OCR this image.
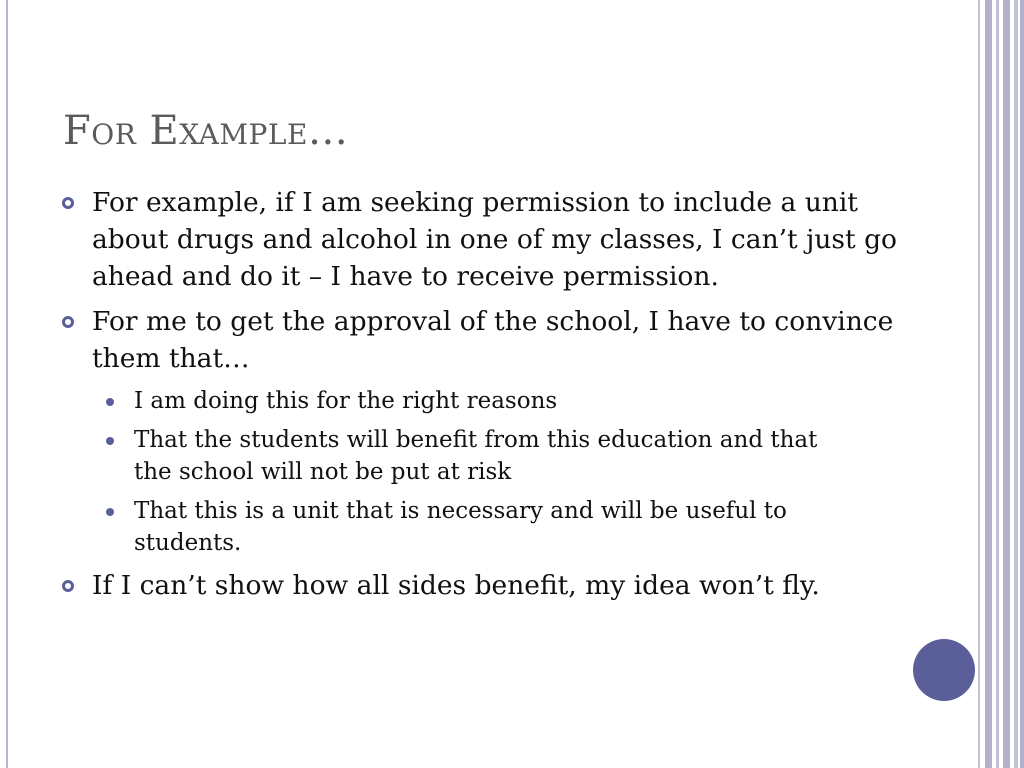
For Example…
For example, if I am seeking permission to include a unit about drugs and alcohol in one of my classes, I can’t just go ahead and do it – I have to receive permission.
For me to get the approval of the school, I have to convince them that…
I am doing this for the right reasons
That the students will benefit from this education and that the school will not be put at risk
That this is a unit that is necessary and will be useful to students.
If I can’t show how all sides benefit, my idea won’t fly.
